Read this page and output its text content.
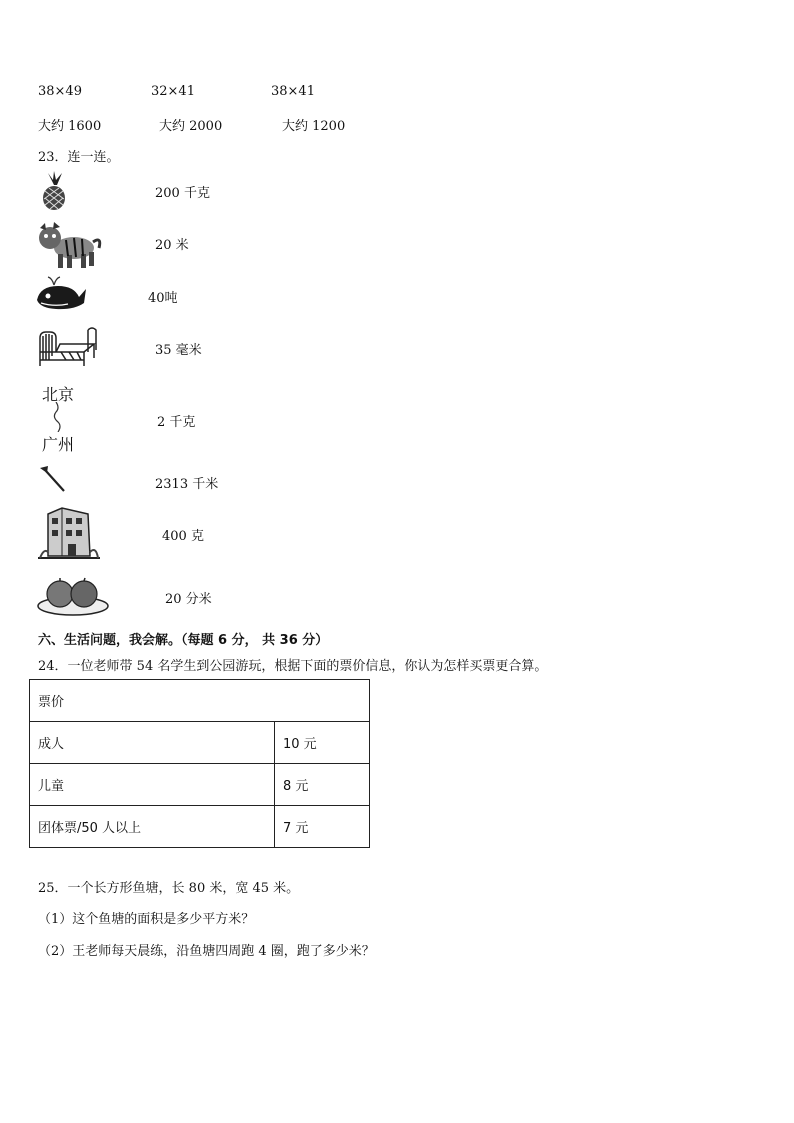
38×49	32×41	38×41
大约 1600	大约 2000	大约 1200
23．连一连。
200 千克
20 米
40吨
35 毫米
北京
广州
2 千克
2313 千米
400 克
20 分米
六、生活问题，我会解。（每题 6 分， 共 36 分）
24．一位老师带 54 名学生到公园游玩，根据下面的票价信息，你认为怎样买票更合算。
票价	
成人	10 元
儿童	8 元
团体票/50 人以上	7 元
25．一个长方形鱼塘，长 80 米，宽 45 米。
（1）这个鱼塘的面积是多少平方米？
（2）王老师每天晨练，沿鱼塘四周跑 4 圈，跑了多少米？
